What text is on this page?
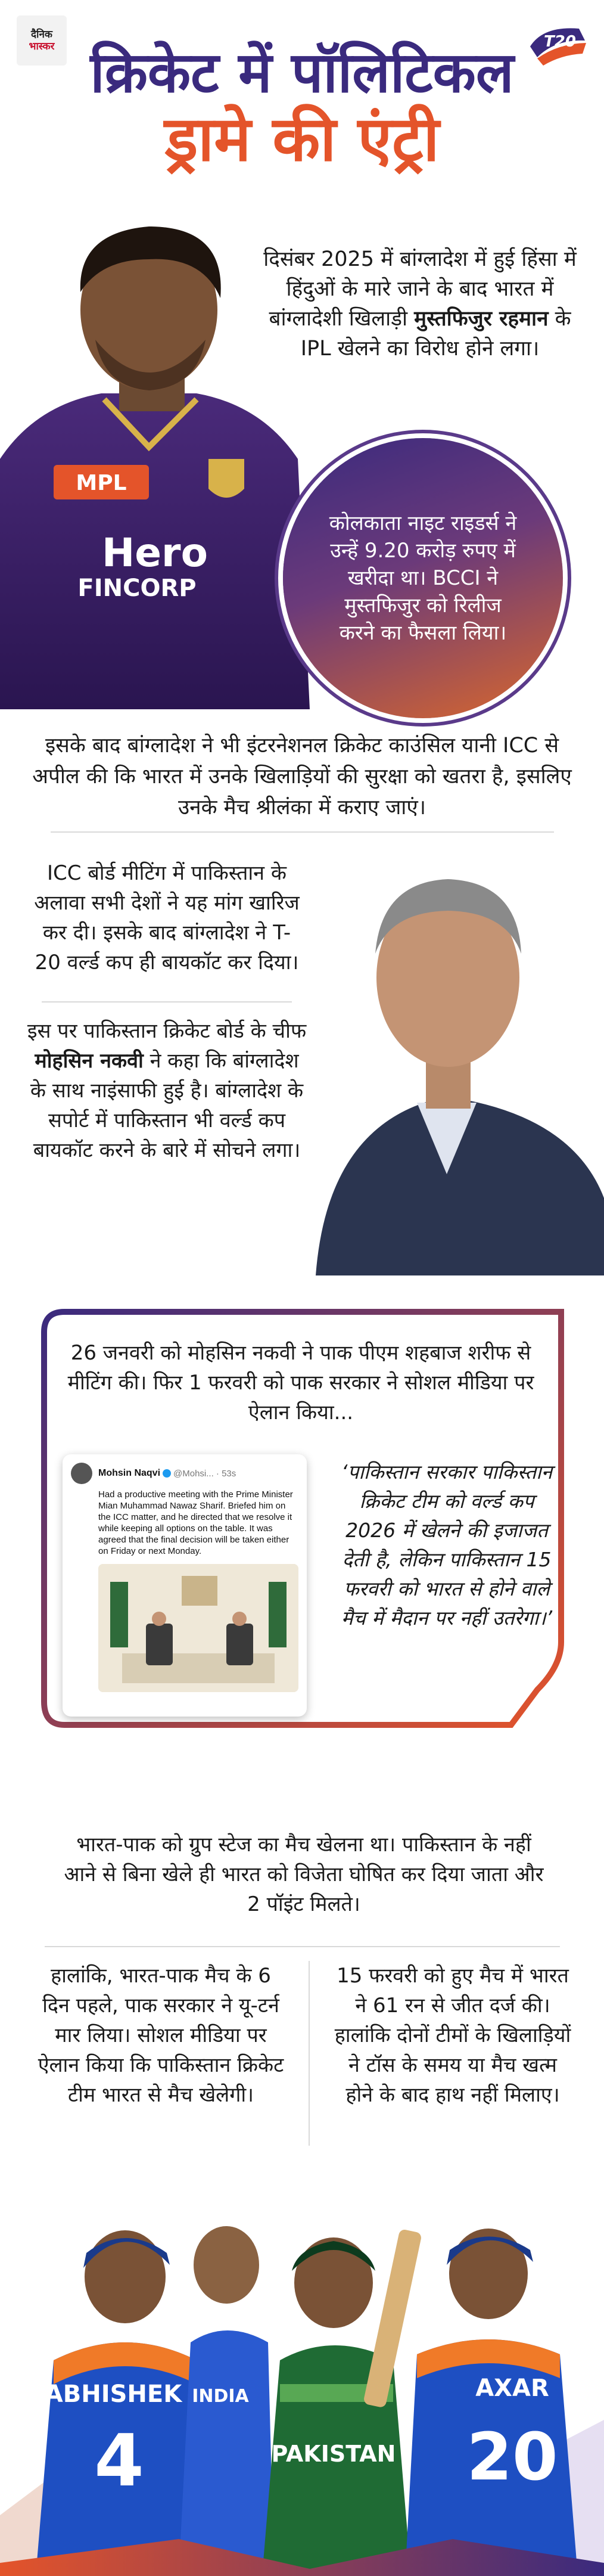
दैनिक
भास्कर	T20
क्रिकेट में पॉलिटिकल
ड्रामे की एंट्री
MPL
Hero
FINCORP
दिसंबर 2025 में बांग्लादेश में हुई हिंसा में हिंदुओं के मारे जाने के बाद भारत में बांग्लादेशी खिलाड़ी मुस्तफिजुर रहमान के IPL खेलने का विरोध होने लगा।

कोलकाता नाइट राइडर्स ने उन्हें 9.20 करोड़ रुपए में खरीदा था। BCCI ने मुस्तफिजुर को रिलीज करने का फैसला लिया।

इसके बाद बांग्लादेश ने भी इंटरनेशनल क्रिकेट काउंसिल यानी ICC से अपील की कि भारत में उनके खिलाड़ियों की सुरक्षा को खतरा है, इसलिए उनके मैच श्रीलंका में कराए जाएं।
ICC बोर्ड मीटिंग में पाकिस्तान के अलावा सभी देशों ने यह मांग खारिज कर दी। इसके बाद बांग्लादेश ने T-20 वर्ल्ड कप ही बायकॉट कर दिया।
इस पर पाकिस्तान क्रिकेट बोर्ड के चीफ मोहसिन नकवी ने कहा कि बांग्लादेश के साथ नाइंसाफी हुई है। बांग्लादेश के सपोर्ट में पाकिस्तान भी वर्ल्ड कप बायकॉट करने के बारे में सोचने लगा।
26 जनवरी को मोहसिन नकवी ने पाक पीएम शहबाज शरीफ से मीटिंग की। फिर 1 फरवरी को पाक सरकार ने सोशल मीडिया पर ऐलान किया...
Mohsin Naqvi @Mohsi... · 53s
Had a productive meeting with the Prime Minister Mian Muhammad Nawaz Sharif. Briefed him on the ICC matter, and he directed that we resolve it while keeping all options on the table. It was agreed that the final decision will be taken either on Friday or next Monday.
‘पाकिस्तान सरकार पाकिस्तान क्रिकेट टीम को वर्ल्ड कप 2026 में खेलने की इजाजत देती है, लेकिन पाकिस्तान 15 फरवरी को भारत से होने वाले मैच में मैदान पर नहीं उतरेगा।’
भारत-पाक को ग्रुप स्टेज का मैच खेलना था। पाकिस्तान के नहीं आने से बिना खेले ही भारत को विजेता घोषित कर दिया जाता और 2 पॉइंट मिलते।
हालांकि, भारत-पाक मैच के 6 दिन पहले, पाक सरकार ने यू-टर्न मार लिया। सोशल मीडिया पर ऐलान किया कि पाकिस्तान क्रिकेट टीम भारत से मैच खेलेगी।
15 फरवरी को हुए मैच में भारत ने 61 रन से जीत दर्ज की। हालांकि दोनों टीमों के खिलाड़ियों ने टॉस के समय या मैच खत्म होने के बाद हाथ नहीं मिलाए।
ABHISHEK
4
INDIA
PAKISTAN
AXAR
20
